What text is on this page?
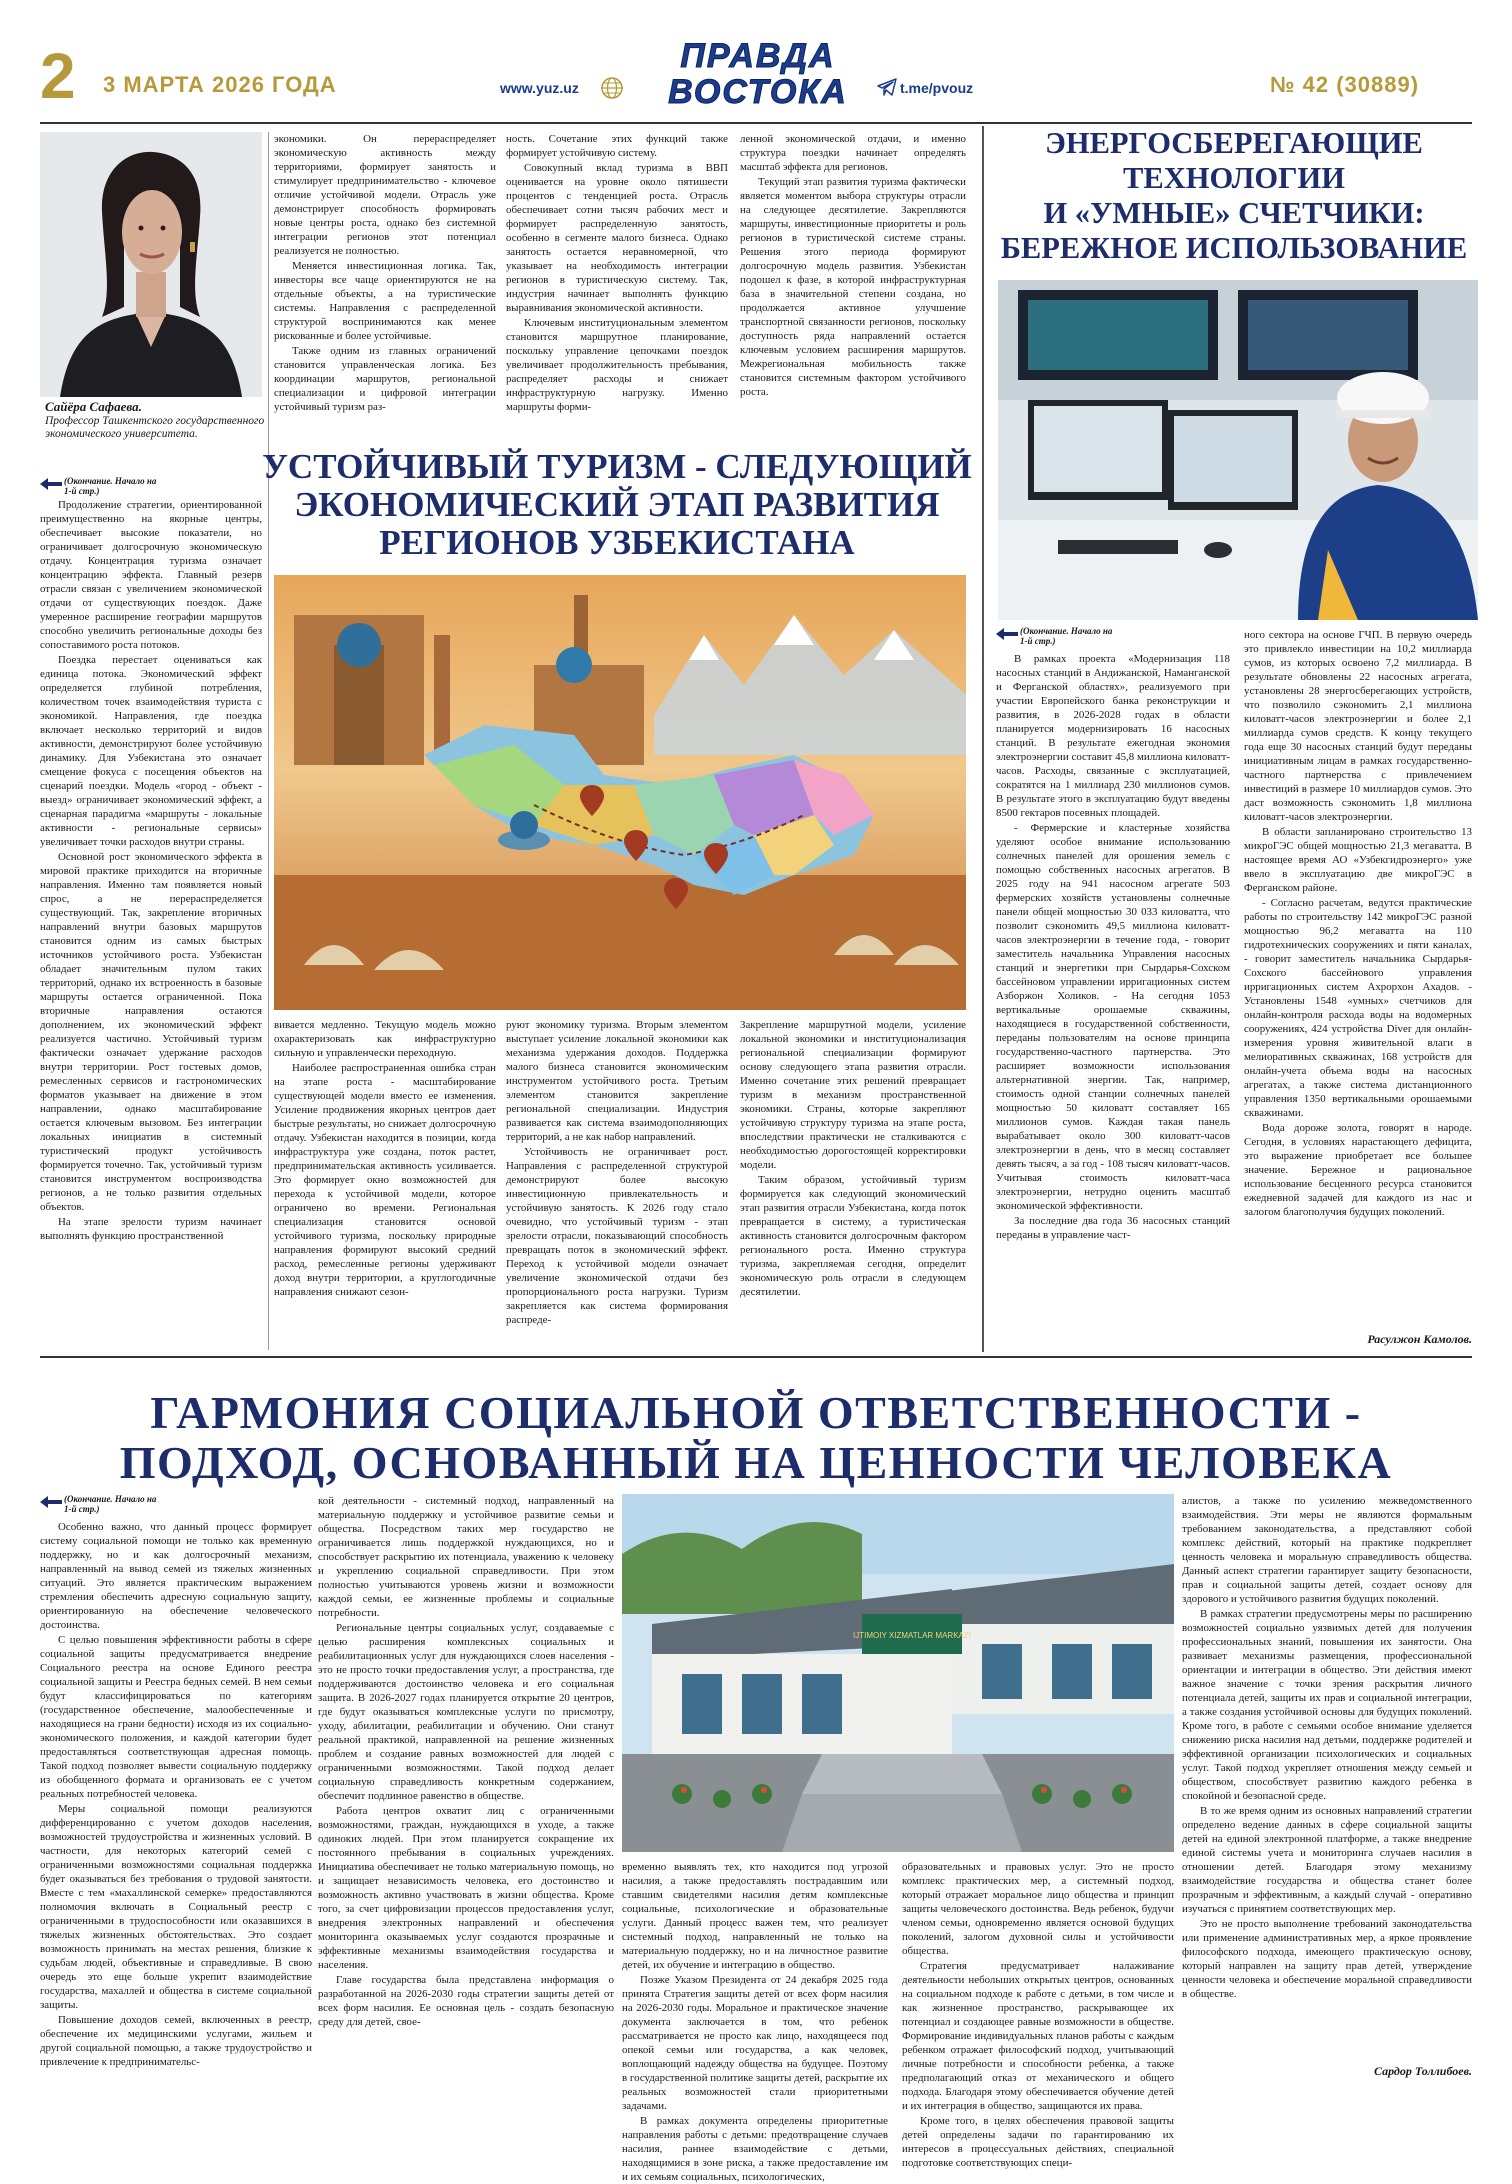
2 3 МАРТА 2026 ГОДА	www.yuz.uz
ПРАВДА
ВОСТОКА	t.me/pvouz	№ 42 (30889)
Сайёра Сафаева.
Профессор Ташкентского государственного экономического университета.
(Окончание. Начало на 1-й стр.)

Продолжение стратегии, ориентированной преимущественно на якорные центры, обеспечивает высокие показатели, но ограничивает долгосрочную экономическую отдачу. Концентрация туризма означает концентрацию эффекта. Главный резерв отрасли связан с увеличением экономической отдачи от существующих поездок. Даже умеренное расширение географии маршрутов способно увеличить региональные доходы без сопоставимого роста потоков.

Поездка перестает оцениваться как единица потока. Экономический эффект определяется глубиной потребления, количеством точек взаимодействия туриста с экономикой. Направления, где поездка включает несколько территорий и видов активности, демонстрируют более устойчивую динамику. Для Узбекистана это означает смещение фокуса с посещения объектов на сценарий поездки. Модель «город - объект - выезд» ограничивает экономический эффект, а сценарная парадигма «маршруты - локальные активности - региональные сервисы» увеличивает точки расходов внутри страны.

Основной рост экономического эффекта в мировой практике приходится на вторичные направления. Именно там появляется новый спрос, а не перераспределяется существующий. Так, закрепление вторичных направлений внутри базовых маршрутов становится одним из самых быстрых источников устойчивого роста. Узбекистан обладает значительным пулом таких территорий, однако их встроенность в базовые маршруты остается ограниченной. Пока вторичные направления остаются дополнением, их экономический эффект реализуется частично. Устойчивый туризм фактически означает удержание расходов внутри территории. Рост гостевых домов, ремесленных сервисов и гастрономических форматов указывает на движение в этом направлении, однако масштабирование остается ключевым вызовом. Без интеграции локальных инициатив в системный туристический продукт устойчивость формируется точечно. Так, устойчивый туризм становится инструментом воспроизводства регионов, а не только развития отдельных объектов.

На этапе зрелости туризм начинает выполнять функцию пространственной

экономики. Он перераспределяет экономическую активность между территориями, формирует занятость и стимулирует предпринимательство - ключевое отличие устойчивой модели. Отрасль уже демонстрирует способность формировать новые центры роста, однако без системной интеграции регионов этот потенциал реализуется не полностью.

Меняется инвестиционная логика. Так, инвесторы все чаще ориентируются не на отдельные объекты, а на туристические системы. Направления с распределенной структурой воспринимаются как менее рискованные и более устойчивые.

Также одним из главных ограничений становится управленческая логика. Без координации маршрутов, региональной специализации и цифровой интеграции устойчивый туризм раз-

ность. Сочетание этих функций также формирует устойчивую систему.

Совокупный вклад туризма в ВВП оценивается на уровне около пятишести процентов с тенденцией роста. Отрасль обеспечивает сотни тысяч рабочих мест и формирует распределенную занятость, особенно в сегменте малого бизнеса. Однако занятость остается неравномерной, что указывает на необходимость интеграции регионов в туристическую систему. Так, индустрия начинает выполнять функцию выравнивания экономической активности.

Ключевым институциональным элементом становится маршрутное планирование, поскольку управление цепочками поездок увеличивает продолжительность пребывания, распределяет расходы и снижает инфраструктурную нагрузку. Именно маршруты форми-

ленной экономической отдачи, и именно структура поездки начинает определять масштаб эффекта для регионов.

Текущий этап развития туризма фактически является моментом выбора структуры отрасли на следующее десятилетие. Закрепляются маршруты, инвестиционные приоритеты и роль регионов в туристической системе страны. Решения этого периода формируют долгосрочную модель развития. Узбекистан подошел к фазе, в которой инфраструктурная база в значительной степени создана, но продолжается активное улучшение транспортной связанности регионов, поскольку доступность ряда направлений остается ключевым условием расширения маршрутов. Межрегиональная мобильность также становится системным фактором устойчивого роста.

УСТОЙЧИВЫЙ ТУРИЗМ - СЛЕДУЮЩИЙ ЭКОНОМИЧЕСКИЙ ЭТАП РАЗВИТИЯ РЕГИОНОВ УЗБЕКИСТАНА

вивается медленно. Текущую модель можно охарактеризовать как инфраструктурно сильную и управленчески переходную.

Наиболее распространенная ошибка стран на этапе роста - масштабирование существующей модели вместо ее изменения. Усиление продвижения якорных центров дает быстрые результаты, но снижает долгосрочную отдачу. Узбекистан находится в позиции, когда инфраструктура уже создана, поток растет, предпринимательская активность усиливается. Это формирует окно возможностей для перехода к устойчивой модели, которое ограничено во времени. Региональная специализация становится основой устойчивого туризма, поскольку природные направления формируют высокий средний расход, ремесленные регионы удерживают доход внутри территории, а круглогодичные направления снижают сезон-

руют экономику туризма. Вторым элементом выступает усиление локальной экономики как механизма удержания доходов. Поддержка малого бизнеса становится экономическим инструментом устойчивого роста. Третьим элементом становится закрепление региональной специализации. Индустрия развивается как система взаимодополняющих территорий, а не как набор направлений.

Устойчивость не ограничивает рост. Направления с распределенной структурой демонстрируют более высокую инвестиционную привлекательность и устойчивую занятость. К 2026 году стало очевидно, что устойчивый туризм - этап зрелости отрасли, показывающий способность превращать поток в экономический эффект. Переход к устойчивой модели означает увеличение экономической отдачи без пропорционального роста нагрузки. Туризм закрепляется как система формирования распреде-

Закрепление маршрутной модели, усиление локальной экономики и институционализация региональной специализации формируют основу следующего этапа развития отрасли. Именно сочетание этих решений превращает туризм в механизм пространственной экономики. Страны, которые закрепляют устойчивую структуру туризма на этапе роста, впоследствии практически не сталкиваются с необходимостью дорогостоящей корректировки модели.

Таким образом, устойчивый туризм формируется как следующий экономический этап развития отрасли Узбекистана, когда поток превращается в систему, а туристическая активность становится долгосрочным фактором регионального роста. Именно структура туризма, закрепляемая сегодня, определит экономическую роль отрасли в следующем десятилетии.

ЭНЕРГОСБЕРЕГАЮЩИЕ
ТЕХНОЛОГИИ
И «УМНЫЕ» СЧЕТЧИКИ:
БЕРЕЖНОЕ ИСПОЛЬЗОВАНИЕ
(Окончание. Начало на 1-й стр.)

В рамках проекта «Модернизация 118 насосных станций в Андижанской, Наманганской и Ферганской областях», реализуемого при участии Европейского банка реконструкции и развития, в 2026-2028 годах в области планируется модернизировать 16 насосных станций. В результате ежегодная экономия электроэнергии составит 45,8 миллиона киловатт-часов. Расходы, связанные с эксплуатацией, сократятся на 1 миллиард 230 миллионов сумов. В результате этого в эксплуатацию будут введены 8500 гектаров посевных площадей.

- Фермерские и кластерные хозяйства уделяют особое внимание использованию солнечных панелей для орошения земель с помощью собственных насосных агрегатов. В 2025 году на 941 насосном агрегате 503 фермерских хозяйств установлены солнечные панели общей мощностью 30 033 киловатта, что позволит сэкономить 49,5 миллиона киловатт-часов электроэнергии в течение года, - говорит заместитель начальника Управления насосных станций и энергетики при Сырдарья-Сохском бассейновом управлении ирригационных систем Азборжон Холиков. - На сегодня 1053 вертикальные орошаемые скважины, находящиеся в государственной собственности, переданы пользователям на основе принципа государственно-частного партнерства. Это расширяет возможности использования альтернативной энергии. Так, например, стоимость одной станции солнечных панелей мощностью 50 киловатт составляет 165 миллионов сумов. Каждая такая панель вырабатывает около 300 киловатт-часов электроэнергии в день, что в месяц составляет девять тысяч, а за год - 108 тысяч киловатт-часов. Учитывая стоимость киловатт-часа электроэнергии, нетрудно оценить масштаб экономической эффективности.

За последние два года 36 насосных станций переданы в управление част-

ного сектора на основе ГЧП. В первую очередь это привлекло инвестиции на 10,2 миллиарда сумов, из которых освоено 7,2 миллиарда. В результате обновлены 22 насосных агрегата, установлены 28 энергосберегающих устройств, что позволило сэкономить 2,1 миллиона киловатт-часов электроэнергии и более 2,1 миллиарда сумов средств. К концу текущего года еще 30 насосных станций будут переданы инициативным лицам в рамках государственно-частного партнерства с привлечением инвестиций в размере 10 миллиардов сумов. Это даст возможность сэкономить 1,8 миллиона киловатт-часов электроэнергии.

В области запланировано строительство 13 микроГЭС общей мощностью 21,3 мегаватта. В настоящее время АО «Узбекгидроэнерго» уже ввело в эксплуатацию две микроГЭС в Ферганском районе.

- Согласно расчетам, ведутся практические работы по строительству 142 микроГЭС разной мощностью 96,2 мегаватта на 110 гидротехнических сооружениях и пяти каналах, - говорит заместитель начальника Сырдарья-Сохского бассейнового управления ирригационных систем Ахрорхон Ахадов. - Установлены 1548 «умных» счетчиков для онлайн-контроля расхода воды на водомерных сооружениях, 424 устройства Diver для онлайн-измерения уровня живительной влаги в мелиоративных скважинах, 168 устройств для онлайн-учета объема воды на насосных агрегатах, а также система дистанционного управления 1350 вертикальными орошаемыми скважинами.

Вода дороже золота, говорят в народе. Сегодня, в условиях нарастающего дефицита, это выражение приобретает все большее значение. Бережное и рациональное использование бесценного ресурса становится ежедневной задачей для каждого из нас и залогом благополучия будущих поколений.

Расулжон Камолов.
ГАРМОНИЯ СОЦИАЛЬНОЙ ОТВЕТСТВЕННОСТИ -
ПОДХОД, ОСНОВАННЫЙ НА ЦЕННОСТИ ЧЕЛОВЕКА
(Окончание. Начало на 1-й стр.)

Особенно важно, что данный процесс формирует систему социальной помощи не только как временную поддержку, но и как долгосрочный механизм, направленный на вывод семей из тяжелых жизненных ситуаций. Это является практическим выражением стремления обеспечить адресную социальную защиту, ориентированную на обеспечение человеческого достоинства.

С целью повышения эффективности работы в сфере социальной защиты предусматривается внедрение Социального реестра на основе Единого реестра социальной защиты и Реестра бедных семей. В нем семьи будут классифицироваться по категориям (государственное обеспечение, малообеспеченные и находящиеся на грани бедности) исходя из их социально-экономического положения, и каждой категории будет предоставляться соответствующая адресная помощь. Такой подход позволяет вывести социальную поддержку из обобщенного формата и организовать ее с учетом реальных потребностей человека.

Меры социальной помощи реализуются дифференцированно с учетом доходов населения, возможностей трудоустройства и жизненных условий. В частности, для некоторых категорий семей с ограниченными возможностями социальная поддержка будет оказываться без требования о трудовой занятости. Вместе с тем «махаллинской семерке» предоставляются полномочия включать в Социальный реестр с ограниченными в трудоспособности или оказавшихся в тяжелых жизненных обстоятельствах. Это создает возможность принимать на местах решения, близкие к судьбам людей, объективные и справедливые. В свою очередь это еще больше укрепит взаимодействие государства, махаллей и общества в системе социальной защиты.

Повышение доходов семей, включенных в реестр, обеспечение их медицинскими услугами, жильем и другой социальной помощью, а также трудоустройство и привлечение к предпринимательс-

кой деятельности - системный подход, направленный на материальную поддержку и устойчивое развитие семьи и общества. Посредством таких мер государство не ограничивается лишь поддержкой нуждающихся, но и способствует раскрытию их потенциала, уважению к человеку и укреплению социальной справедливости. При этом полностью учитываются уровень жизни и возможности каждой семьи, ее жизненные проблемы и социальные потребности.

Региональные центры социальных услуг, создаваемые с целью расширения комплексных социальных и реабилитационных услуг для нуждающихся слоев населения - это не просто точки предоставления услуг, а пространства, где поддерживаются достоинство человека и его социальная защита. В 2026-2027 годах планируется открытие 20 центров, где будут оказываться комплексные услуги по присмотру, уходу, абилитации, реабилитации и обучению. Они станут реальной практикой, направленной на решение жизненных проблем и создание равных возможностей для людей с ограниченными возможностями. Такой подход делает социальную справедливость конкретным содержанием, обеспечит подлинное равенство в обществе.

Работа центров охватит лиц с ограниченными возможностями, граждан, нуждающихся в уходе, а также одиноких людей. При этом планируется сокращение их постоянного пребывания в социальных учреждениях. Инициатива обеспечивает не только материальную помощь, но и защищает независимость человека, его достоинство и возможность активно участвовать в жизни общества. Кроме того, за счет цифровизации процессов предоставления услуг, внедрения электронных направлений и обеспечения мониторинга оказываемых услуг создаются прозрачные и эффективные механизмы взаимодействия государства и населения.

Главе государства была представлена информация о разработанной на 2026-2030 годы стратегии защиты детей от всех форм насилия. Ее основная цель - создать безопасную среду для детей, свое-

IJTIMOIY XIZMATLAR MARKAZI

временно выявлять тех, кто находится под угрозой насилия, а также предоставлять пострадавшим или ставшим свидетелями насилия детям комплексные социальные, психологические и образовательные услуги. Данный процесс важен тем, что реализует системный подход, направленный не только на материальную поддержку, но и на личностное развитие детей, их обучение и интеграцию в общество.

Позже Указом Президента от 24 декабря 2025 года принята Стратегия защиты детей от всех форм насилия на 2026-2030 годы. Моральное и практическое значение документа заключается в том, что ребенок рассматривается не просто как лицо, находящееся под опекой семьи или государства, а как человек, воплощающий надежду общества на будущее. Поэтому в государственной политике защиты детей, раскрытие их реальных возможностей стали приоритетными задачами.

В рамках документа определены приоритетные направления работы с детьми: предотвращение случаев насилия, раннее взаимодействие с детьми, находящимися в зоне риска, а также предоставление им и их семьям социальных, психологических,

образовательных и правовых услуг. Это не просто комплекс практических мер, а системный подход, который отражает моральное лицо общества и принцип защиты человеческого достоинства. Ведь ребенок, будучи членом семьи, одновременно является основой будущих поколений, залогом духовной силы и устойчивости общества.

Стратегия предусматривает налаживание деятельности небольших открытых центров, основанных на социальном подходе к работе с детьми, в том числе и как жизненное пространство, раскрывающее их потенциал и создающее равные возможности в обществе. Формирование индивидуальных планов работы с каждым ребенком отражает философский подход, учитывающий личные потребности и способности ребенка, а также предполагающий отказ от механического и общего подхода. Благодаря этому обеспечивается обучение детей и их интеграция в общество, защищаются их права.

Кроме того, в целях обеспечения правовой защиты детей определены задачи по гарантированию их интересов в процессуальных действиях, специальной подготовке соответствующих специ-

алистов, а также по усилению межведомственного взаимодействия. Эти меры не являются формальным требованием законодательства, а представляют собой комплекс действий, который на практике подкрепляет ценность человека и моральную справедливость общества. Данный аспект стратегии гарантирует защиту безопасности, прав и социальной защиты детей, создает основу для здорового и устойчивого развития будущих поколений.

В рамках стратегии предусмотрены меры по расширению возможностей социально уязвимых детей для получения профессиональных знаний, повышения их занятости. Она развивает механизмы размещения, профессиональной ориентации и интеграции в общество. Эти действия имеют важное значение с точки зрения раскрытия личного потенциала детей, защиты их прав и социальной интеграции, а также создания устойчивой основы для будущих поколений. Кроме того, в работе с семьями особое внимание уделяется снижению риска насилия над детьми, поддержке родителей и эффективной организации психологических и социальных услуг. Такой подход укрепляет отношения между семьей и обществом, способствует развитию каждого ребенка в спокойной и безопасной среде.

В то же время одним из основных направлений стратегии определено ведение данных в сфере социальной защиты детей на единой электронной платформе, а также внедрение единой системы учета и мониторинга случаев насилия в отношении детей. Благодаря этому механизму взаимодействие государства и общества станет более прозрачным и эффективным, а каждый случай - оперативно изучаться с принятием соответствующих мер.

Это не просто выполнение требований законодательства или применение административных мер, а яркое проявление философского подхода, имеющего практическую основу, который направлен на защиту прав детей, утверждение ценности человека и обеспечение моральной справедливости в обществе.

Сардор Толлибоев.
